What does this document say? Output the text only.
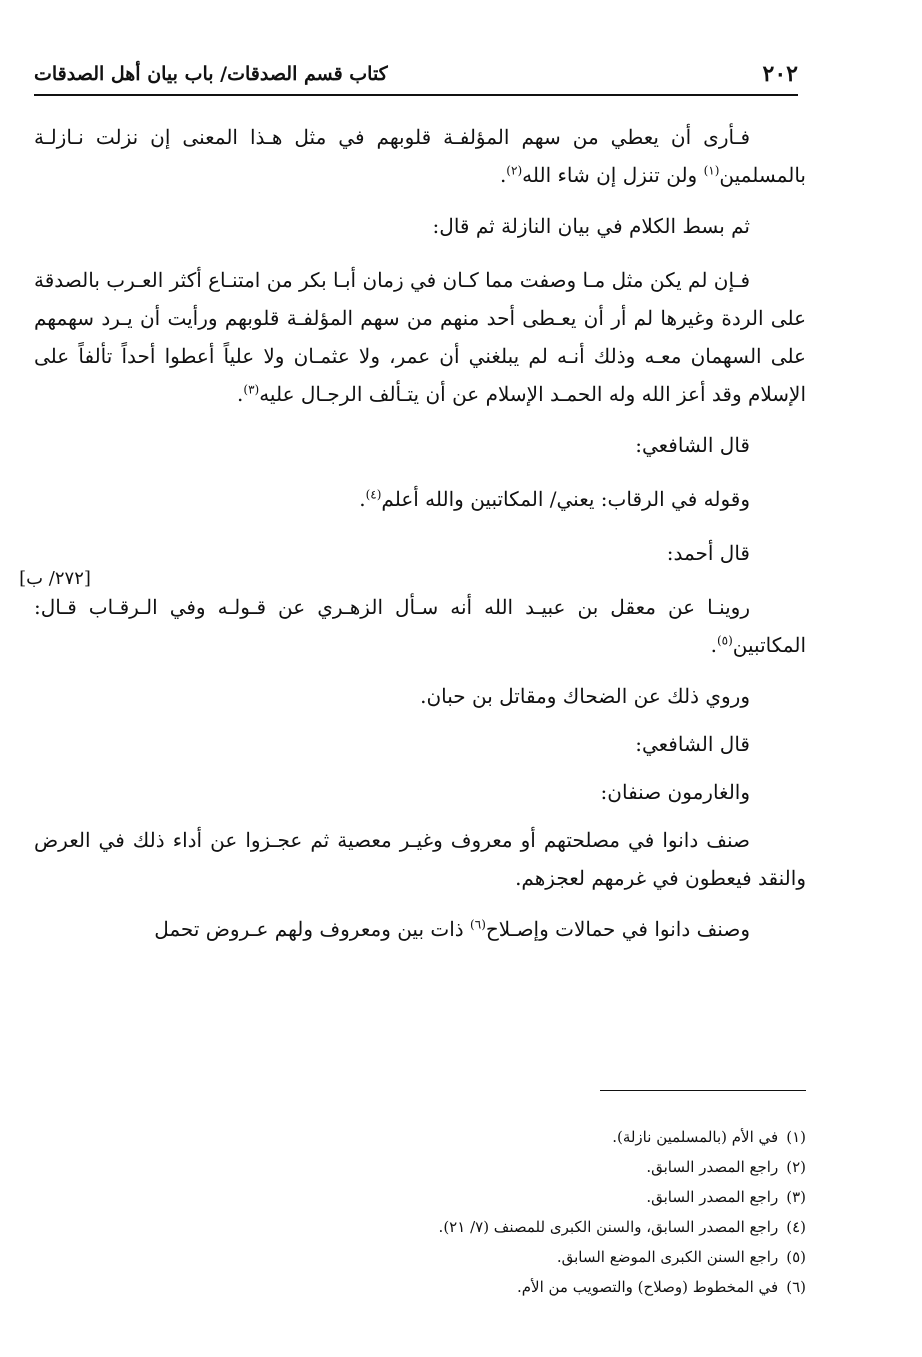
٢٠٢
كتاب قسم الصدقات/ باب بيان أهل الصدقات

فـأرى أن يعطي من سهم المؤلفـة قلوبهم في مثل هـذا المعنى إن نزلت نـازلـة بالمسلمين$^{(١)}$ ولن تنزل إن شاء الله$^{(٢)}$.

ثم بسط الكلام في بيان النازلة ثم قال:

فـإن لم يكن مثل مـا وصفت مما كـان في زمان أبـا بكر من امتنـاع أكثر العـرب بالصدقة على الردة وغيرها لم أر أن يعـطى أحد منهم من سهم المؤلفـة قلوبهم ورأيت أن يـرد سهمهم على السهمان معـه وذلك أنـه لم يبلغني أن عمر، ولا عثمـان ولا علياً أعطوا أحداً تألفاً على الإسلام وقد أعز الله وله الحمـد الإسلام عن أن يتـألف الرجـال عليه$^{(٣)}$.

قال الشافعي:

وقوله في الرقاب: يعني/ المكاتبين والله أعلم$^{(٤)}$.

قال أحمد:

روينـا عن معقل بن عبيـد الله أنه سـأل الزهـري عن قـولـه وفي الـرقـاب قـال: المكاتبين$^{(٥)}$.

وروي ذلك عن الضحاك ومقاتل بن حبان.

قال الشافعي:

والغارمون صنفان:

صنف دانوا في مصلحتهم أو معروف وغيـر معصية ثم عجـزوا عن أداء ذلك في العرض والنقد فيعطون في غرمهم لعجزهم.

وصنف دانوا في حمالات وإصـلاح$^{(٦)}$ ذات بين ومعروف ولهم عـروض تحمل

[٢٧٢/ ب]
(١)في الأم (بالمسلمين نازلة).
(٢)راجع المصدر السابق.
(٣)راجع المصدر السابق.
(٤)راجع المصدر السابق، والسنن الكبرى للمصنف (٧/ ٢١).
(٥)راجع السنن الكبرى الموضع السابق.
(٦)في المخطوط (وصلاح) والتصويب من الأم.
